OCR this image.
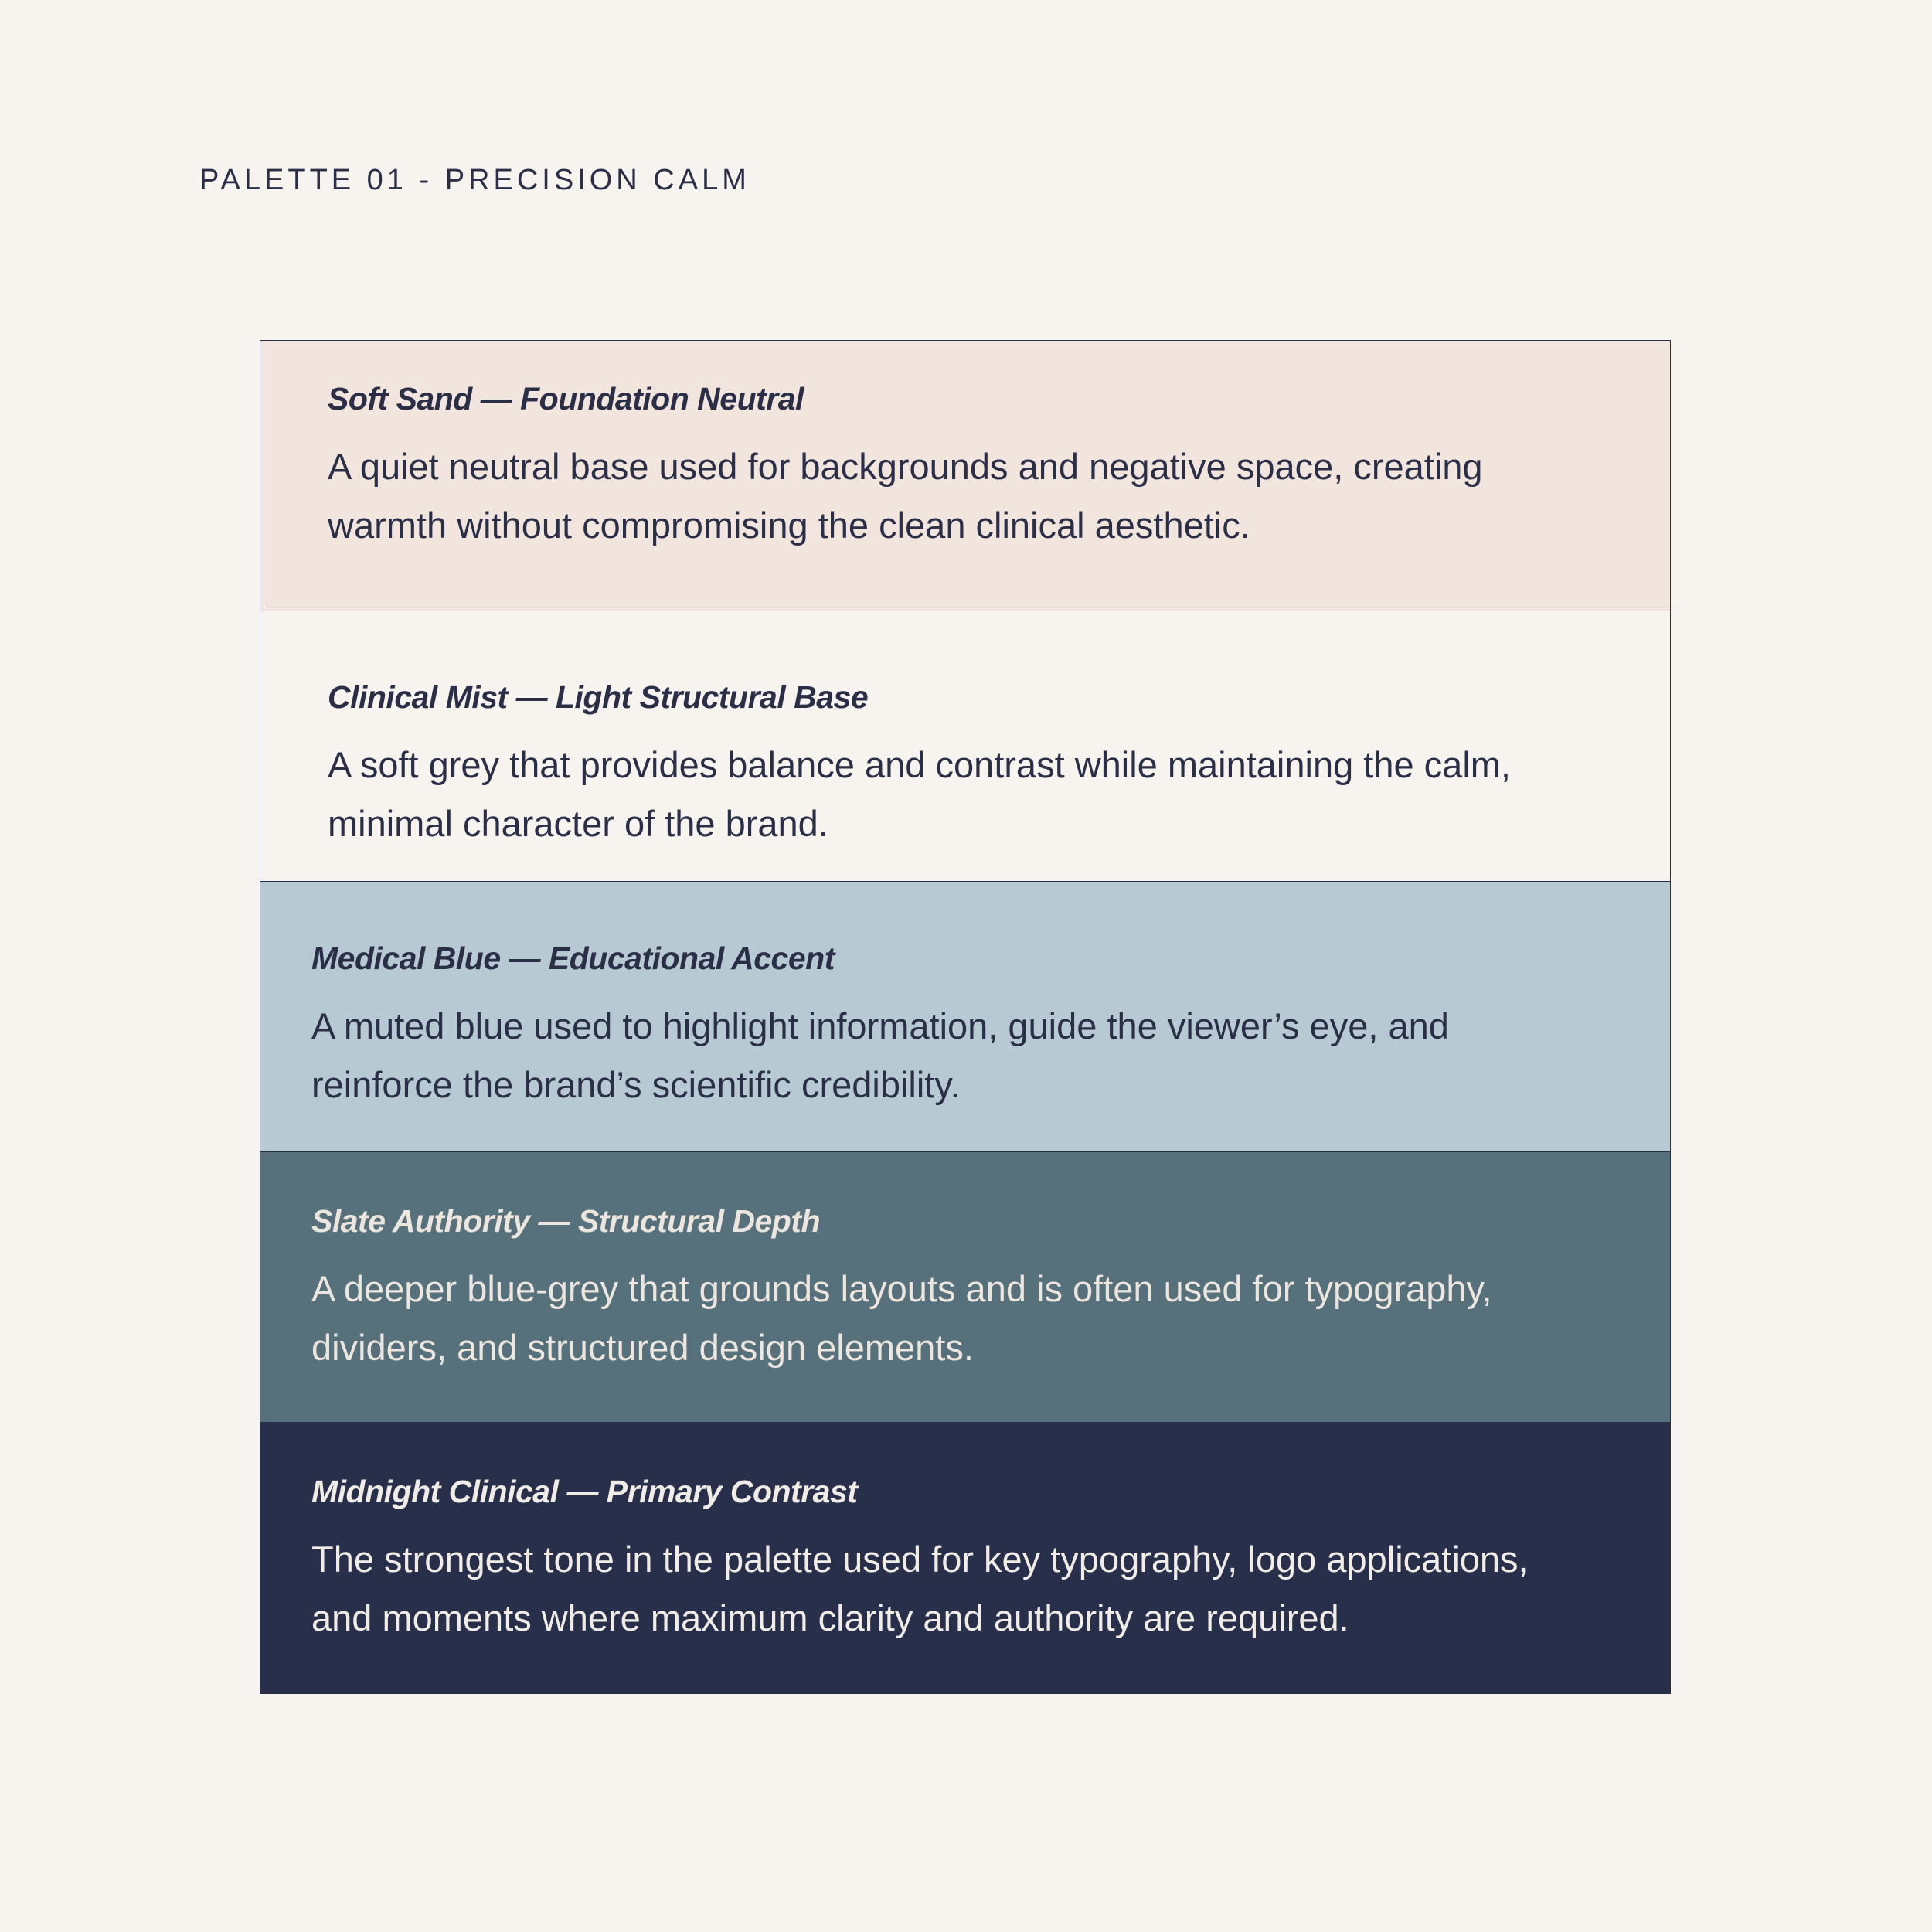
PALETTE 01 - PRECISION CALM

Soft Sand — Foundation Neutral

A quiet neutral base used for backgrounds and negative space, creating warmth without compromising the clean clinical aesthetic.

Clinical Mist — Light Structural Base

A soft grey that provides balance and contrast while maintaining the calm, minimal character of the brand.

Medical Blue — Educational Accent

A muted blue used to highlight information, guide the viewer’s eye, and reinforce the brand’s scientific credibility.

Slate Authority — Structural Depth

A deeper blue-grey that grounds layouts and is often used for typography, dividers, and structured design elements.

Midnight Clinical — Primary Contrast

The strongest tone in the palette used for key typography, logo applications, and moments where maximum clarity and authority are required.
